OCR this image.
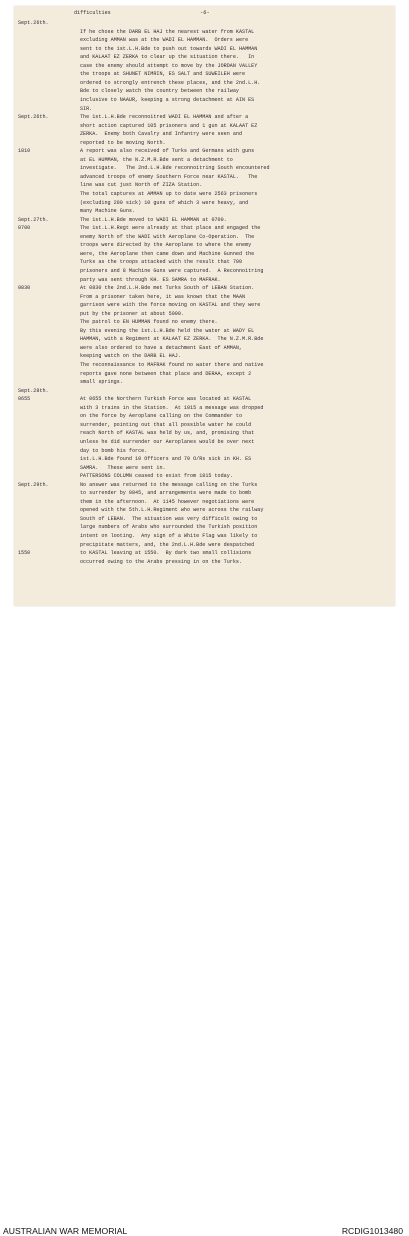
difficulties	-6-
Sept.26th.
If he chose the DARB EL HAJ the nearest water from KASTAL
excluding AMMAN was at the WADI EL HAMMAN.  Orders were
sent to the 1st.L.H.Bde to push out towards WADI EL HAMMAN
and KALAAT EZ ZERKA to clear up the situation there.   In
case the enemy should attempt to move by the JORDAN VALLEY
the troops at SHUNET NIMRIN, ES SALT and SUWEILEH were
ordered to strongly entrench these places, and the 2nd.L.H.
Bde to closely watch the country between the railway
inclusive to NAAUR, keeping a strong detachment at AIN ES
SIR.
Sept.26th.	The 1st.L.H.Bde reconnoitred WADI EL HAMMAN and after a
short action captured 105 prisoners and 1 gun at KALAAT EZ
ZERKA.  Enemy both Cavalry and Infantry were seen and
reported to be moving North.
1810	A report was also received of Turks and Germans with guns
at EL HUMMAN, the N.Z.M.R.Bde sent a detachment to
investigate.   The 2nd.L.H.Bde reconnoitring South encountered
advanced troops of enemy Southern Force near KASTAL.   The
line was cut just North of ZIZA Station.
The total captures at AMMAN up to date were 2563 prisoners
(excluding 200 sick) 10 guns of which 3 were heavy, and
many Machine Guns.
Sept.27th.	The 1st.L.H.Bde moved to WADI EL HAMMAN at 0700.
0700	The 1st.L.H.Regt were already at that place and engaged the
enemy North of the WADI with Aeroplane Co-Operation.  The
troops were directed by the Aeroplane to where the enemy
were, the Aeroplane then came down and Machine Gunned the
Turks as the troops attacked with the result that 700
prisoners and 8 Machine Guns were captured.  A Reconnoitring
party was sent through KH. ES SAMRA to MAFRAK.
0830	At 0830 the 2nd.L.H.Bde met Turks South of LEBAN Station.
From a prisoner taken here, it was known that the MAAN
garrison were with the force moving on KASTAL and they were
put by the prisoner at about 5000.
The patrol to EN HUMMAN found no enemy there.
By this evening the 1st.L.H.Bde held the water at WADY EL
HAMMAN, with a Regiment at KALAAT EZ ZERKA.  The N.Z.M.R.Bde
were also ordered to have a detachment East of AMMAN,
keeping watch on the DARB EL HAJ.
The reconnaissance to MAFRAK found no water there and native
reports gave none between that place and DERAA, except 2
small springs.
Sept.28th.
0655	At 0655 the Northern Turkish Force was located at KASTAL
with 3 trains in the Station.  At 1015 a message was dropped
on the force by Aeroplane calling on the Commander to
surrender, pointing out that all possible water he could
reach North of KASTAL was held by us, and, promising that
unless he did surrender our Aeroplanes would be over next
day to bomb his force.
1st.L.H.Bde found 10 Officers and 70 O/Rs sick in KH. ES
SAMRA.   These were sent in.
PATTERSONS COLUMN ceased to exist from 1815 today.
Sept.29th.	No answer was returned to the message calling on the Turks
to surrender by 0845, and arrangements were made to bomb
them in the afternoon.  At 1145 however negotiations were
opened with the 5th.L.H.Regiment who were across the railway
South of LEBAN.  The situation was very difficult owing to
large numbers of Arabs who surrounded the Turkish position
intent on looting.  Any sign of a White Flag was likely to
precipitate matters, and, the 2nd.L.H.Bde were despatched
1550	to KASTAL leaving at 1550.  By dark two small collisions
occurred owing to the Arabs pressing in on the Turks.
AUSTRALIAN WAR MEMORIAL	RCDIG1013480
